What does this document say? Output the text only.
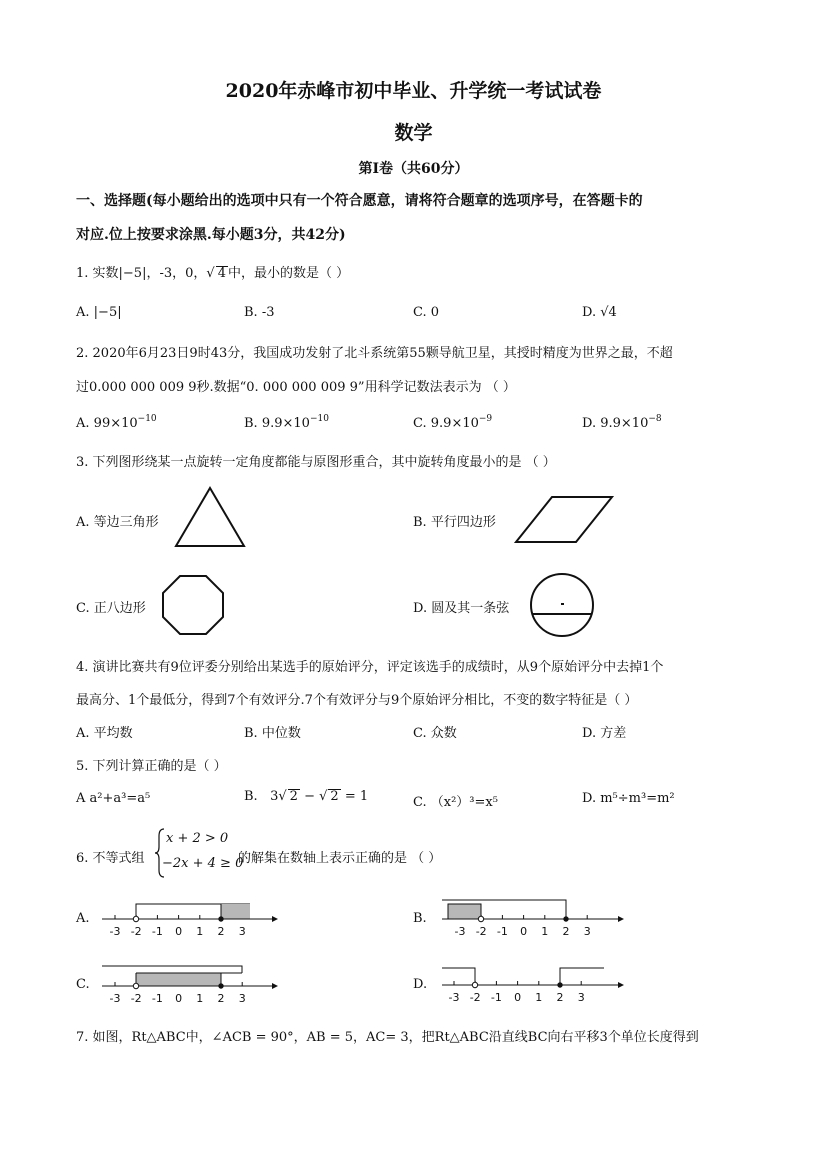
2020年赤峰市初中毕业、升学统一考试试卷
数学
第Ⅰ卷（共60分）
一、选择题(每小题给出的选项中只有一个符合愿意，请将符合题章的选项序号，在答题卡的
对应.位上按要求涂黑.每小题3分，共42分)
1. 实数|−5|，-3，0，√ 4 中，最小的数是（ ）
A. |−5|	B. -3	C. 0	D. √4
2. 2020年6月23日9时43分，我国成功发射了北斗系统第55颗导航卫星，其授时精度为世界之最，不超
过0.000 000 009 9秒.数据“0. 000 000 009 9”用科学记数法表示为 （ ）
A. $99\times 10^{-10}$	B. $9.9\times 10^{-10}$	C. $9.9\times 10^{-9}$	D. $9.9\times 10^{-8}$
3. 下列图形绕某一点旋转一定角度都能与原图形重合，其中旋转角度最小的是 （ ）
A. 等边三角形	B. 平行四边形
C. 正八边形	D. 圆及其一条弦
4. 演讲比赛共有9位评委分别给出某选手的原始评分，评定该选手的成绩时，从9个原始评分中去掉1个
最高分、1个最低分，得到7个有效评分.7个有效评分与9个原始评分相比，不变的数字特征是（ ）
A. 平均数	B. 中位数	C. 众数	D. 方差
5. 下列计算正确的是（ ）
A a²+a³=a⁵	B. 3√ 2 − √ 2 = 1	C. （x²）³=x⁵	D. m⁵÷m³=m²
6. 不等式组
x + 2 > 0
−2x + 4 ≥ 0
的解集在数轴上表示正确的是 （ ）
A.
-3 -2 -1 0 1 2 3
B.
-3 -2 -1 0 1 2 3
C.
-3 -2 -1 0 1 2 3
D.
-3 -2 -1 0 1 2 3
7. 如图，Rt△ABC中，∠ACB = 90°，AB = 5，AC= 3，把Rt△ABC沿直线BC向右平移3个单位长度得到
